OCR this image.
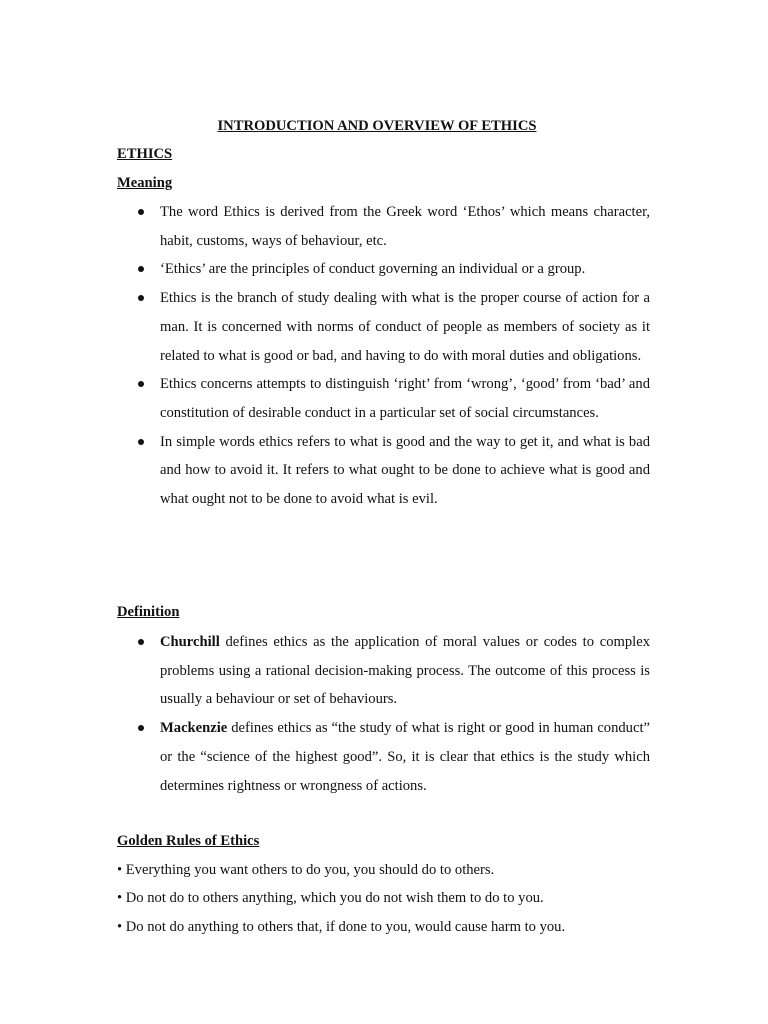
INTRODUCTION AND OVERVIEW OF ETHICS
ETHICS
Meaning
The word Ethics is derived from the Greek word ‘Ethos’ which means character, habit, customs, ways of behaviour, etc.
‘Ethics’ are the principles of conduct governing an individual or a group.
Ethics is the branch of study dealing with what is the proper course of action for a man. It is concerned with norms of conduct of people as members of society as it related to what is good or bad, and having to do with moral duties and obligations.
Ethics concerns attempts to distinguish ‘right’ from ‘wrong’, ‘good’ from ‘bad’ and constitution of desirable conduct in a particular set of social circumstances.
In simple words ethics refers to what is good and the way to get it, and what is bad and how to avoid it. It refers to what ought to be done to achieve what is good and what ought not to be done to avoid what is evil.
Definition
Churchill defines ethics as the application of moral values or codes to complex problems using a rational decision-making process. The outcome of this process is usually a behaviour or set of behaviours.
Mackenzie defines ethics as “the study of what is right or good in human conduct” or the “science of the highest good”. So, it is clear that ethics is the study which determines rightness or wrongness of actions.
Golden Rules of Ethics

• Everything you want others to do you, you should do to others.

• Do not do to others anything, which you do not wish them to do to you.

• Do not do anything to others that, if done to you, would cause harm to you.
